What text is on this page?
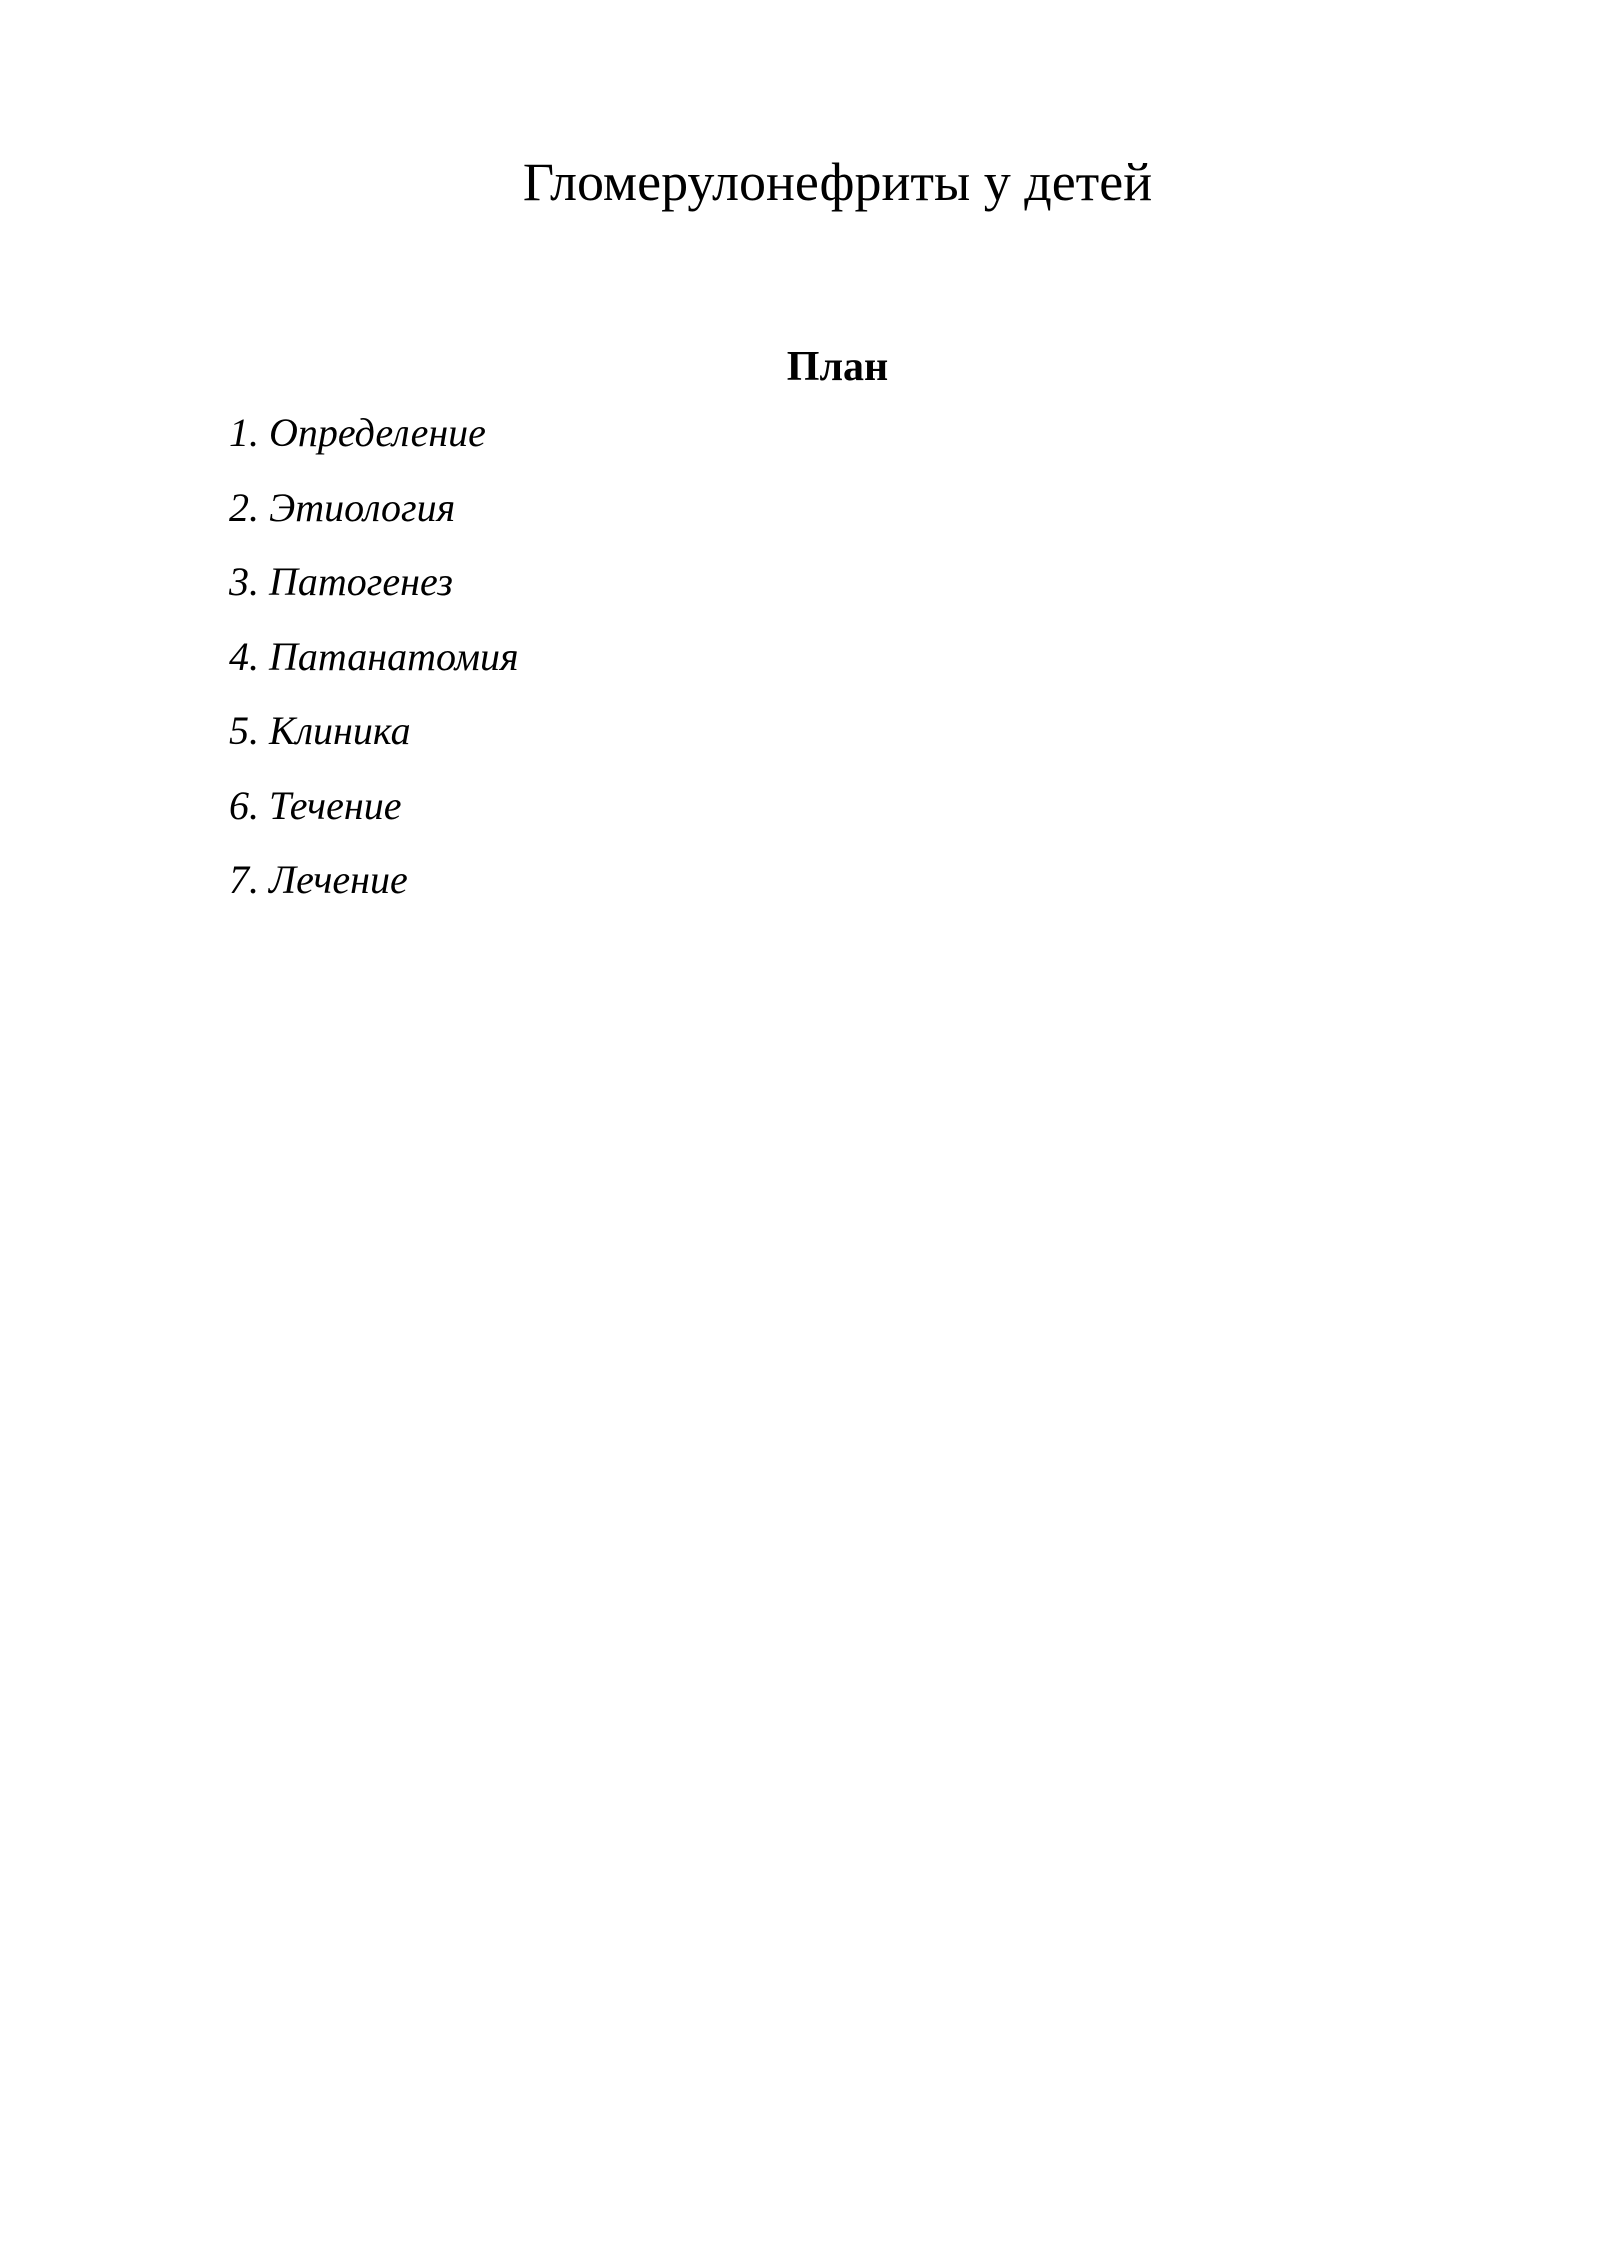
Гломерулонефриты у детей
План
1. Определение
2. Этиология
3. Патогенез
4. Патанатомия
5. Клиника
6. Течение
7. Лечение
